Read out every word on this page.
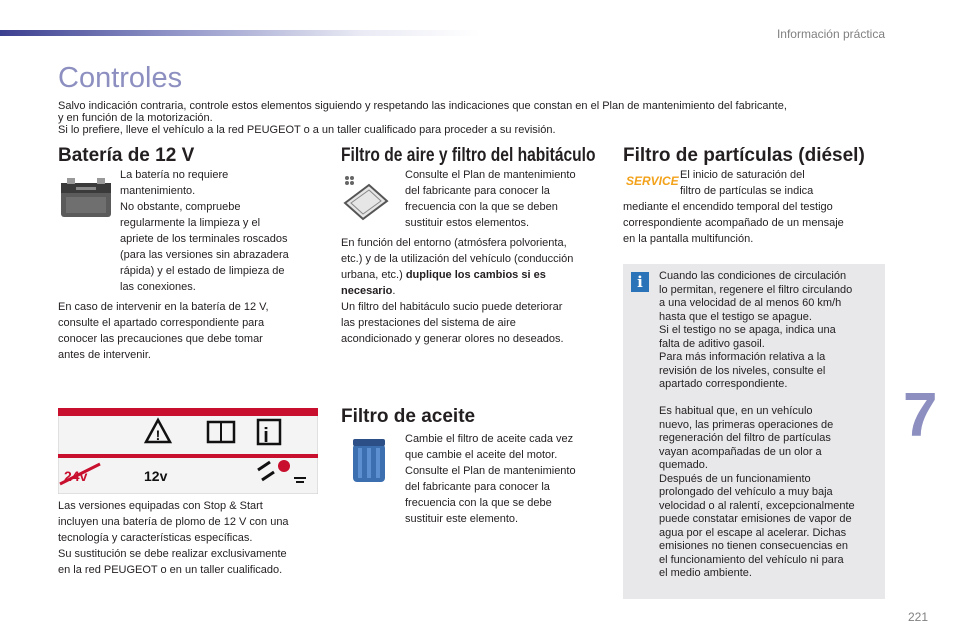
Información práctica
Controles
Salvo indicación contraria, controle estos elementos siguiendo y respetando las indicaciones que constan en el Plan de mantenimiento del fabricante,
y en función de la motorización.
Si lo prefiere, lleve el vehículo a la red PEUGEOT o a un taller cualificado para proceder a su revisión.
Batería de 12 V

La batería no requiere

mantenimiento.

No obstante, compruebe

regularmente la limpieza y el

apriete de los terminales roscados

(para las versiones sin abrazadera

rápida) y el estado de limpieza de

las conexiones.

En caso de intervenir en la batería de 12 V,

consulte el apartado correspondiente para

conocer las precauciones que debe tomar

antes de intervenir.

!	i
24v	12v

Las versiones equipadas con Stop & Start

incluyen una batería de plomo de 12 V con una

tecnología y características específicas.

Su sustitución se debe realizar exclusivamente

en la red PEUGEOT o en un taller cualificado.

Filtro de aire y filtro del habitáculo

Consulte el Plan de mantenimiento

del fabricante para conocer la

frecuencia con la que se deben

sustituir estos elementos.

En función del entorno (atmósfera polvorienta,

etc.) y de la utilización del vehículo (conducción

urbana, etc.) duplique los cambios si es

necesario.

Un filtro del habitáculo sucio puede deteriorar

las prestaciones del sistema de aire

acondicionado y generar olores no deseados.

Filtro de aceite

Cambie el filtro de aceite cada vez

que cambie el aceite del motor.

Consulte el Plan de mantenimiento

del fabricante para conocer la

frecuencia con la que se debe

sustituir este elemento.

Filtro de partículas (diésel)
SERVICE El inicio de saturación del

filtro de partículas se indica

mediante el encendido temporal del testigo

correspondiente acompañado de un mensaje

en la pantalla multifunción.

i	Cuando las condiciones de circulación

lo permitan, regenere el filtro circulando

a una velocidad de al menos 60 km/h

hasta que el testigo se apague.

Si el testigo no se apaga, indica una

falta de aditivo gasoil.

Para más información relativa a la

revisión de los niveles, consulte el

apartado correspondiente.

Es habitual que, en un vehículo

nuevo, las primeras operaciones de

regeneración del filtro de partículas

vayan acompañadas de un olor a

quemado.

Después de un funcionamiento

prolongado del vehículo a muy baja

velocidad o al ralentí, excepcionalmente

puede constatar emisiones de vapor de

agua por el escape al acelerar. Dichas

emisiones no tienen consecuencias en

el funcionamiento del vehículo ni para

el medio ambiente.

7
221
